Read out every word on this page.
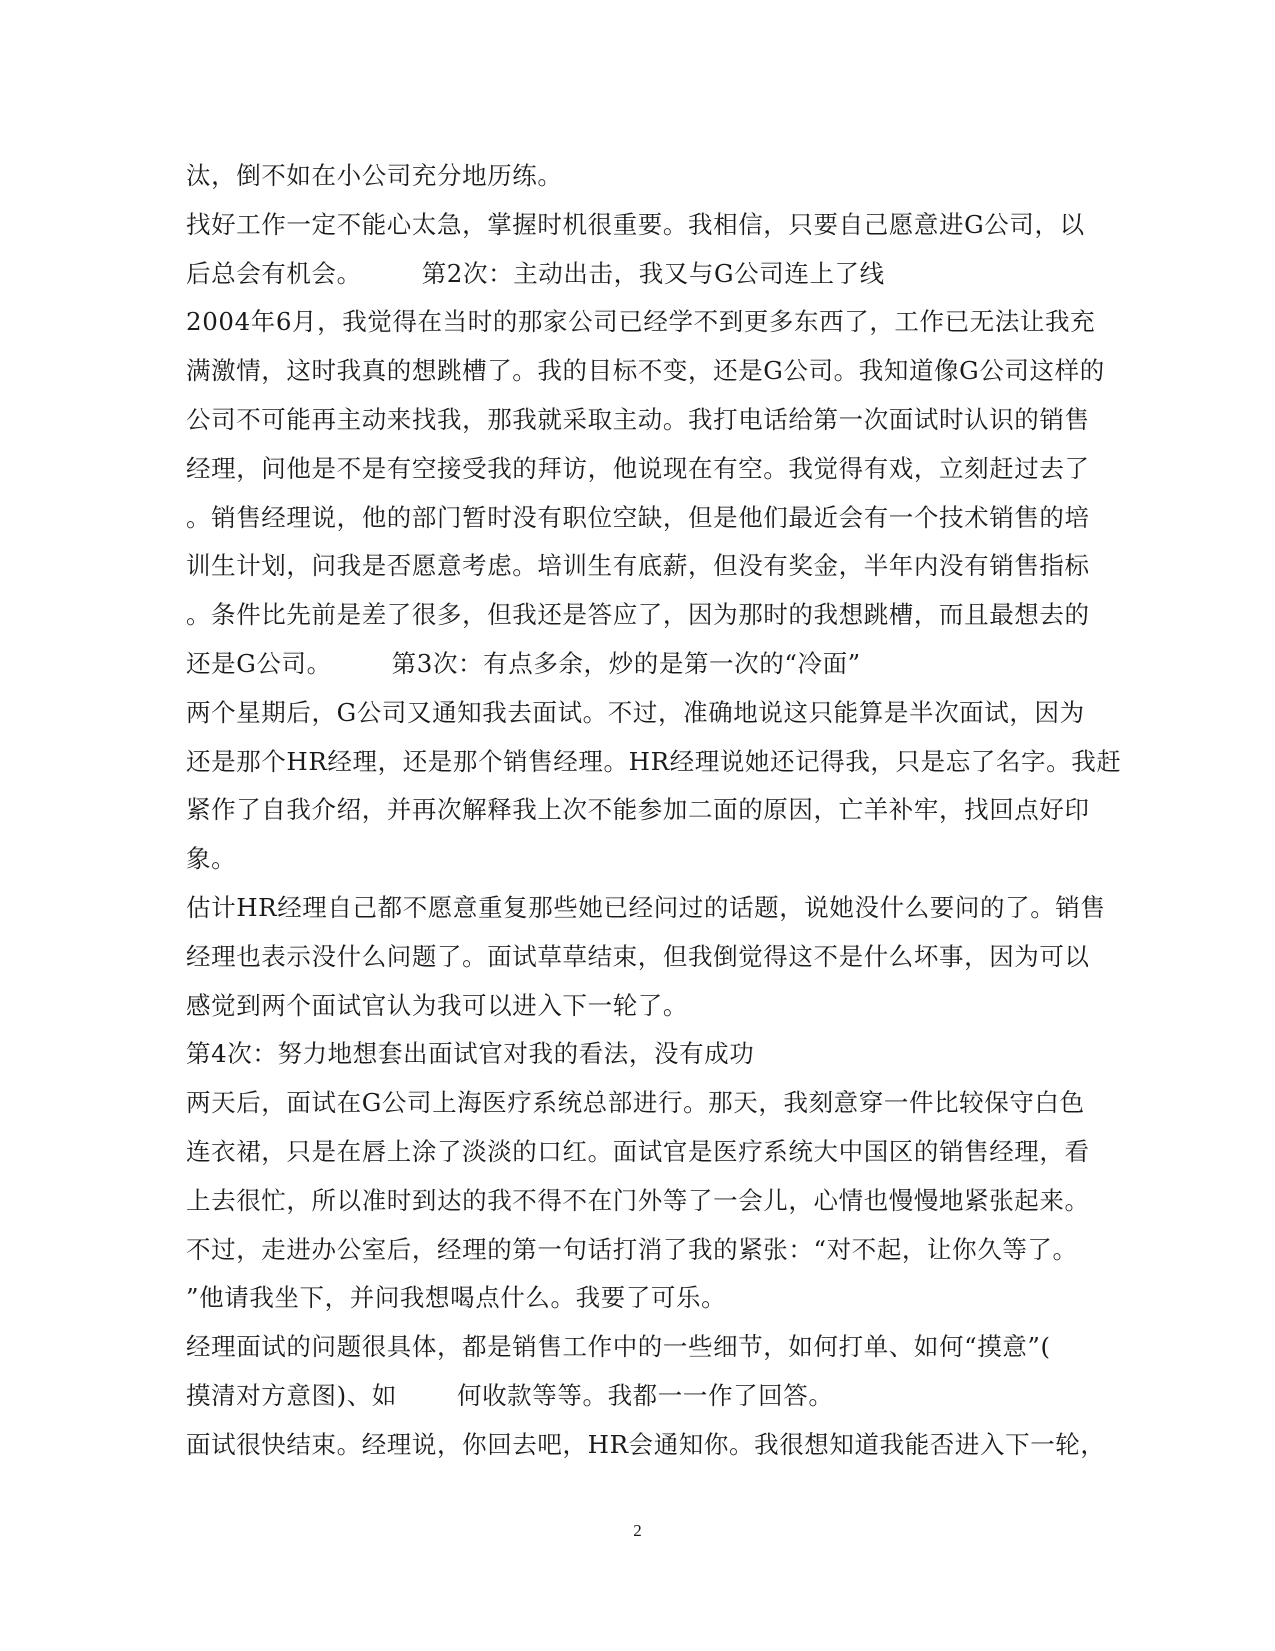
汰，倒不如在小公司充分地历练。
找好工作一定不能心太急，掌握时机很重要。我相信，只要自己愿意进G公司，以
后总会有机会。 第2次：主动出击，我又与G公司连上了线
2004年6月，我觉得在当时的那家公司已经学不到更多东西了，工作已无法让我充
满激情，这时我真的想跳槽了。我的目标不变，还是G公司。我知道像G公司这样的
公司不可能再主动来找我，那我就采取主动。我打电话给第一次面试时认识的销售
经理，问他是不是有空接受我的拜访，他说现在有空。我觉得有戏，立刻赶过去了
。销售经理说，他的部门暂时没有职位空缺，但是他们最近会有一个技术销售的培
训生计划，问我是否愿意考虑。培训生有底薪，但没有奖金，半年内没有销售指标
。条件比先前是差了很多，但我还是答应了，因为那时的我想跳槽，而且最想去的
还是G公司。 第3次：有点多余，炒的是第一次的“冷面”
两个星期后，G公司又通知我去面试。不过，准确地说这只能算是半次面试，因为
还是那个HR经理，还是那个销售经理。HR经理说她还记得我，只是忘了名字。我赶
紧作了自我介绍，并再次解释我上次不能参加二面的原因，亡羊补牢，找回点好印
象。
估计HR经理自己都不愿意重复那些她已经问过的话题，说她没什么要问的了。销售
经理也表示没什么问题了。面试草草结束，但我倒觉得这不是什么坏事，因为可以
感觉到两个面试官认为我可以进入下一轮了。
第4次：努力地想套出面试官对我的看法，没有成功
两天后，面试在G公司上海医疗系统总部进行。那天，我刻意穿一件比较保守白色
连衣裙，只是在唇上涂了淡淡的口红。面试官是医疗系统大中国区的销售经理，看
上去很忙，所以准时到达的我不得不在门外等了一会儿，心情也慢慢地紧张起来。
不过，走进办公室后，经理的第一句话打消了我的紧张：“对不起，让你久等了。
”他请我坐下，并问我想喝点什么。我要了可乐。
经理面试的问题很具体，都是销售工作中的一些细节，如何打单、如何“摸意”(
摸清对方意图)、如 何收款等等。我都一一作了回答。
面试很快结束。经理说，你回去吧，HR会通知你。我很想知道我能否进入下一轮，
2
